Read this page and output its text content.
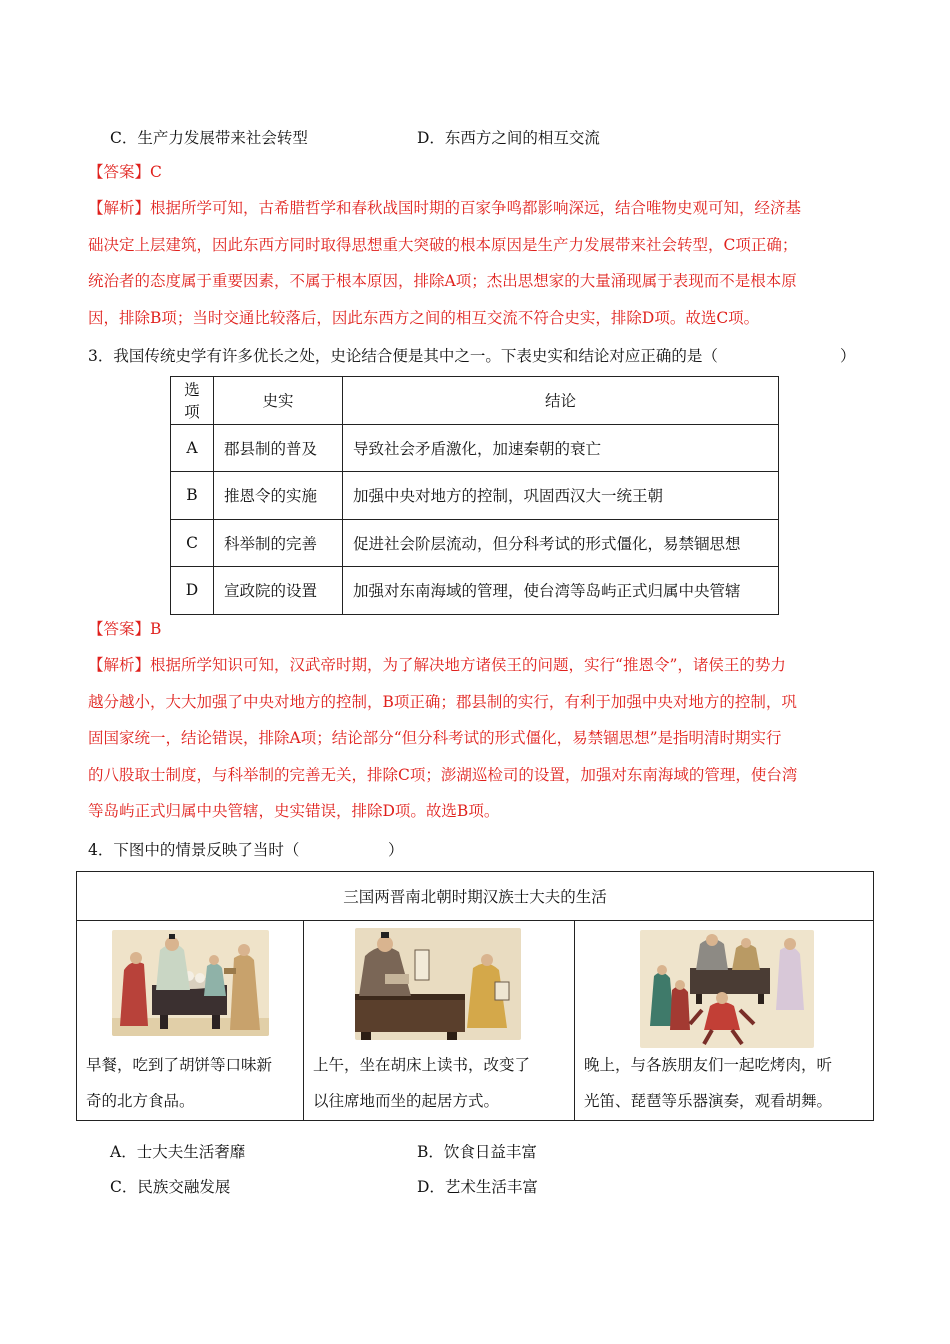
C．生产力发展带来社会转型	D．东西方之间的相互交流
【答案】C
【解析】根据所学可知，古希腊哲学和春秋战国时期的百家争鸣都影响深远，结合唯物史观可知，经济基
础决定上层建筑，因此东西方同时取得思想重大突破的根本原因是生产力发展带来社会转型，C项正确；
统治者的态度属于重要因素，不属于根本原因，排除A项；杰出思想家的大量涌现属于表现而不是根本原
因，排除B项；当时交通比较落后，因此东西方之间的相互交流不符合史实，排除D项。故选C项。
3．我国传统史学有许多优长之处，史论结合便是其中之一。下表史实和结论对应正确的是（	）
选项	史实	结论
A	郡县制的普及	导致社会矛盾激化，加速秦朝的衰亡
B	推恩令的实施	加强中央对地方的控制，巩固西汉大一统王朝
C	科举制的完善	促进社会阶层流动，但分科考试的形式僵化，易禁锢思想
D	宣政院的设置	加强对东南海域的管理，使台湾等岛屿正式归属中央管辖
【答案】B
【解析】根据所学知识可知，汉武帝时期，为了解决地方诸侯王的问题，实行“推恩令”，诸侯王的势力
越分越小，大大加强了中央对地方的控制，B项正确；郡县制的实行，有利于加强中央对地方的控制，巩
固国家统一，结论错误，排除A项；结论部分“但分科考试的形式僵化，易禁锢思想”是指明清时期实行
的八股取士制度，与科举制的完善无关，排除C项；澎湖巡检司的设置，加强对东南海域的管理，使台湾
等岛屿正式归属中央管辖，史实错误，排除D项。故选B项。
4．下图中的情景反映了当时（	）
三国两晋南北朝时期汉族士大夫的生活

早餐，吃到了胡饼等口味新
奇的北方食品。

上午，坐在胡床上读书，改变了
以往席地而坐的起居方式。

晚上，与各族朋友们一起吃烤肉，听
光笛、琵琶等乐器演奏，观看胡舞。
A．士大夫生活奢靡	B．饮食日益丰富
C．民族交融发展	D．艺术生活丰富
